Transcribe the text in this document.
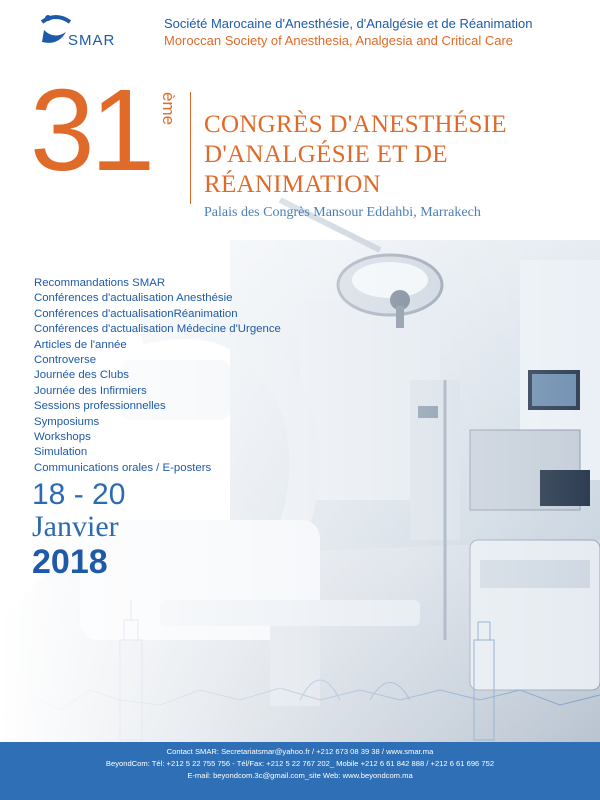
SMAR
Société Marocaine d'Anesthésie, d'Analgésie et de Réanimation
Moroccan Society of Anesthesia, Analgesia and Critical Care
31 ème CONGRÈS D'ANESTHÉSIE
D'ANALGÉSIE ET DE
RÉANIMATION
Palais des Congrès Mansour Eddahbi, Marrakech
Recommandations SMAR
Conférences d'actualisation Anesthésie
Conférences d'actualisationRéanimation
Conférences d'actualisation Médecine d'Urgence
Articles de l'année
Controverse
Journée des Clubs
Journée des Infirmiers
Sessions professionnelles
Symposiums
Workshops
Simulation
Communications orales / E-posters
18 - 20
Janvier
2018
Contact SMAR: Secretariatsmar@yahoo.fr / +212 673 08 39 38 / www.smar.ma
BeyondCom: Tél: +212 5 22 755 756 - Tél/Fax: +212 5 22 767 202_ Mobile +212 6 61 842 888 / +212 6 61 696 752
E-mail: beyondcom.3c@gmail.com_site Web: www.beyondcom.ma
